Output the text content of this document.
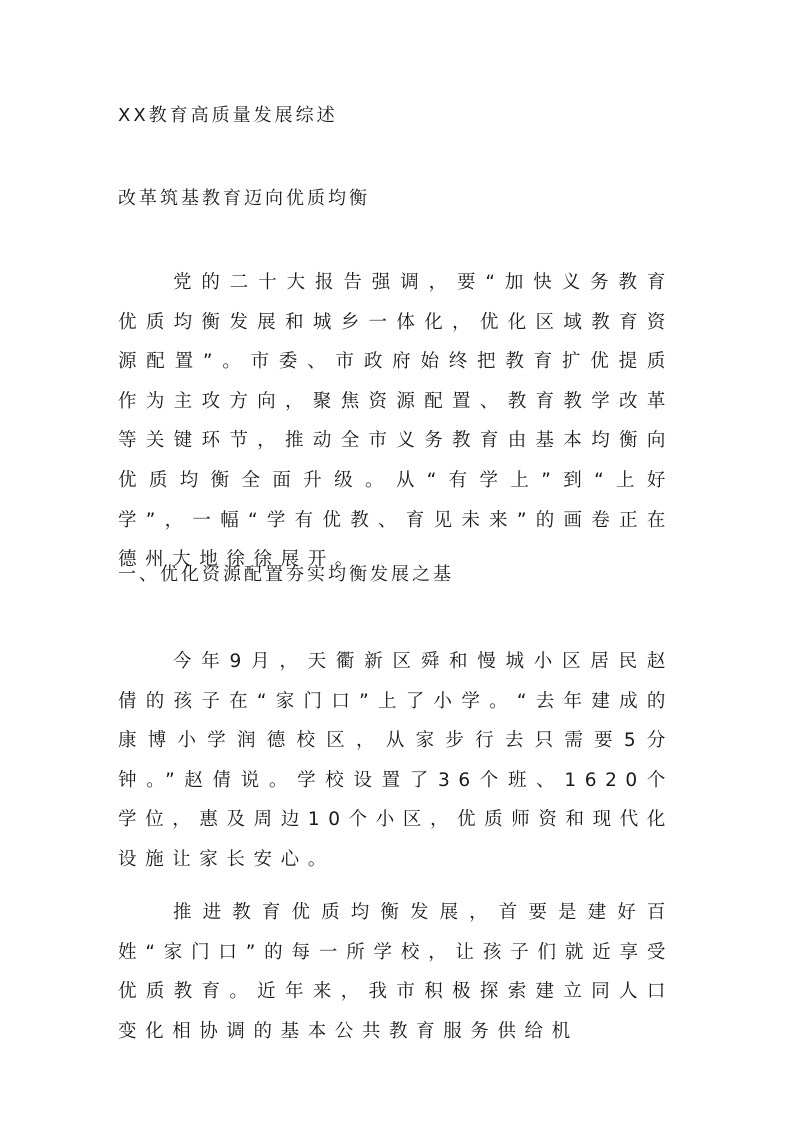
XX教育高质量发展综述
改革筑基教育迈向优质均衡

党的二十大报告强调，要“加快义务教育优质均衡发展和城乡一体化，优化区域教育资源配置”。市委、市政府始终把教育扩优提质作为主攻方向，聚焦资源配置、教育教学改革等关键环节，推动全市义务教育由基本均衡向优质均衡全面升级。从“有学上”到“上好学”，一幅“学有优教、育见未来”的画卷正在德州大地徐徐展开。

一、优化资源配置夯实均衡发展之基

今年9月，天衢新区舜和慢城小区居民赵倩的孩子在“家门口”上了小学。“去年建成的康博小学润德校区，从家步行去只需要5分钟。”赵倩说。学校设置了36个班、1620个学位，惠及周边10个小区，优质师资和现代化设施让家长安心。

推进教育优质均衡发展，首要是建好百姓“家门口”的每一所学校，让孩子们就近享受优质教育。近年来，我市积极探索建立同人口变化相协调的基本公共教育服务供给机
